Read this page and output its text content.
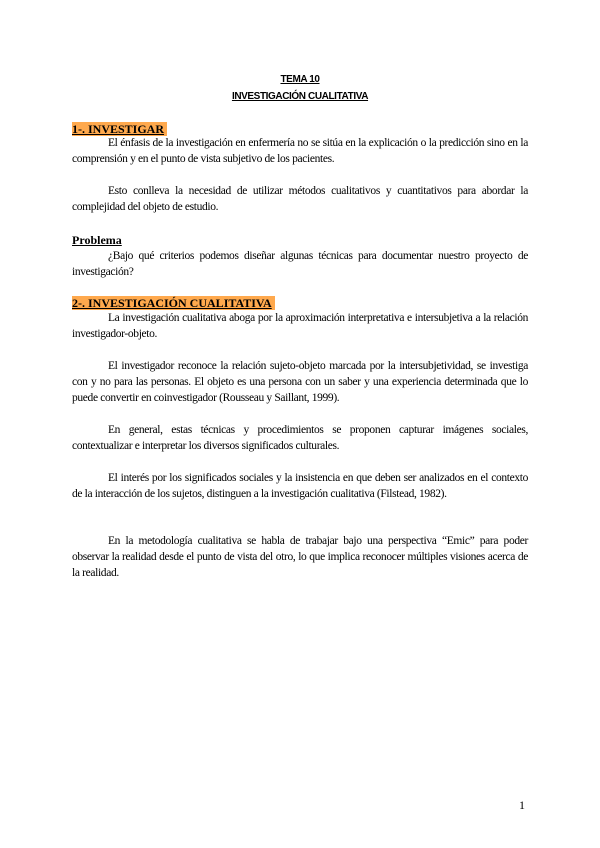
TEMA 10
INVESTIGACIÓN CUALITATIVA
1-. INVESTIGAR

El énfasis de la investigación en enfermería no se sitúa en la explicación o la predicción sino en la comprensión y en el punto de vista subjetivo de los pacientes.

Esto conlleva la necesidad de utilizar métodos cualitativos y cuantitativos para abordar la complejidad del objeto de estudio.

Problema

¿Bajo qué criterios podemos diseñar algunas técnicas para documentar nuestro proyecto de investigación?

2-. INVESTIGACIÓN CUALITATIVA

La investigación cualitativa aboga por la aproximación interpretativa e intersubjetiva a la relación investigador-objeto.

El investigador reconoce la relación sujeto-objeto marcada por la intersubjetividad, se investiga con y no para las personas. El objeto es una persona con un saber y una experiencia determinada que lo puede convertir en coinvestigador (Rousseau y Saillant, 1999).

En general, estas técnicas y procedimientos se proponen capturar imágenes sociales, contextualizar e interpretar los diversos significados culturales.

El interés por los significados sociales y la insistencia en que deben ser analizados en el contexto de la interacción de los sujetos, distinguen a la investigación cualitativa (Filstead, 1982).

En la metodología cualitativa se habla de trabajar bajo una perspectiva “Emic” para poder observar la realidad desde el punto de vista del otro, lo que implica reconocer múltiples visiones acerca de la realidad.

1
